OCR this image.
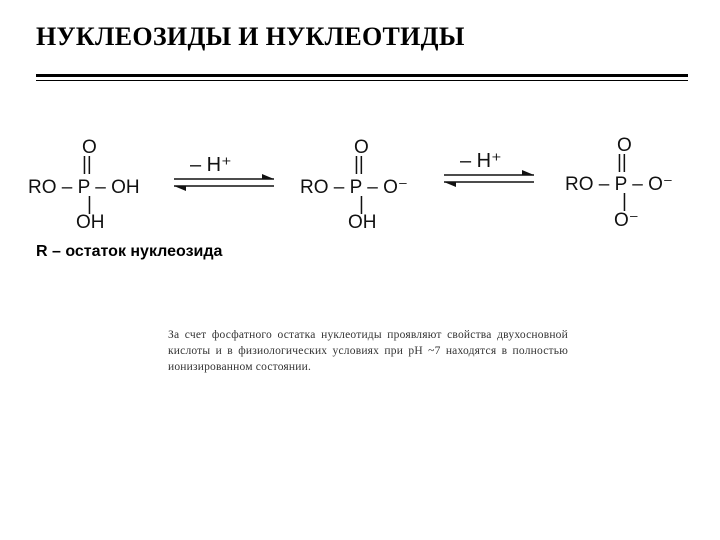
НУКЛЕОЗИДЫ И НУКЛЕОТИДЫ
O
||
RO – P – OH
|
OH
– H⁺
O
||
RO – P – O⁻
|
OH
– H⁺
O
||
RO – P – O⁻
|
O⁻

R – остаток нуклеозида

За счет фосфатного остатка нуклеотиды проявляют свойства двухосновной кислоты и в физиологических условиях при pH ~7 находятся в полностью ионизированном состоянии.
